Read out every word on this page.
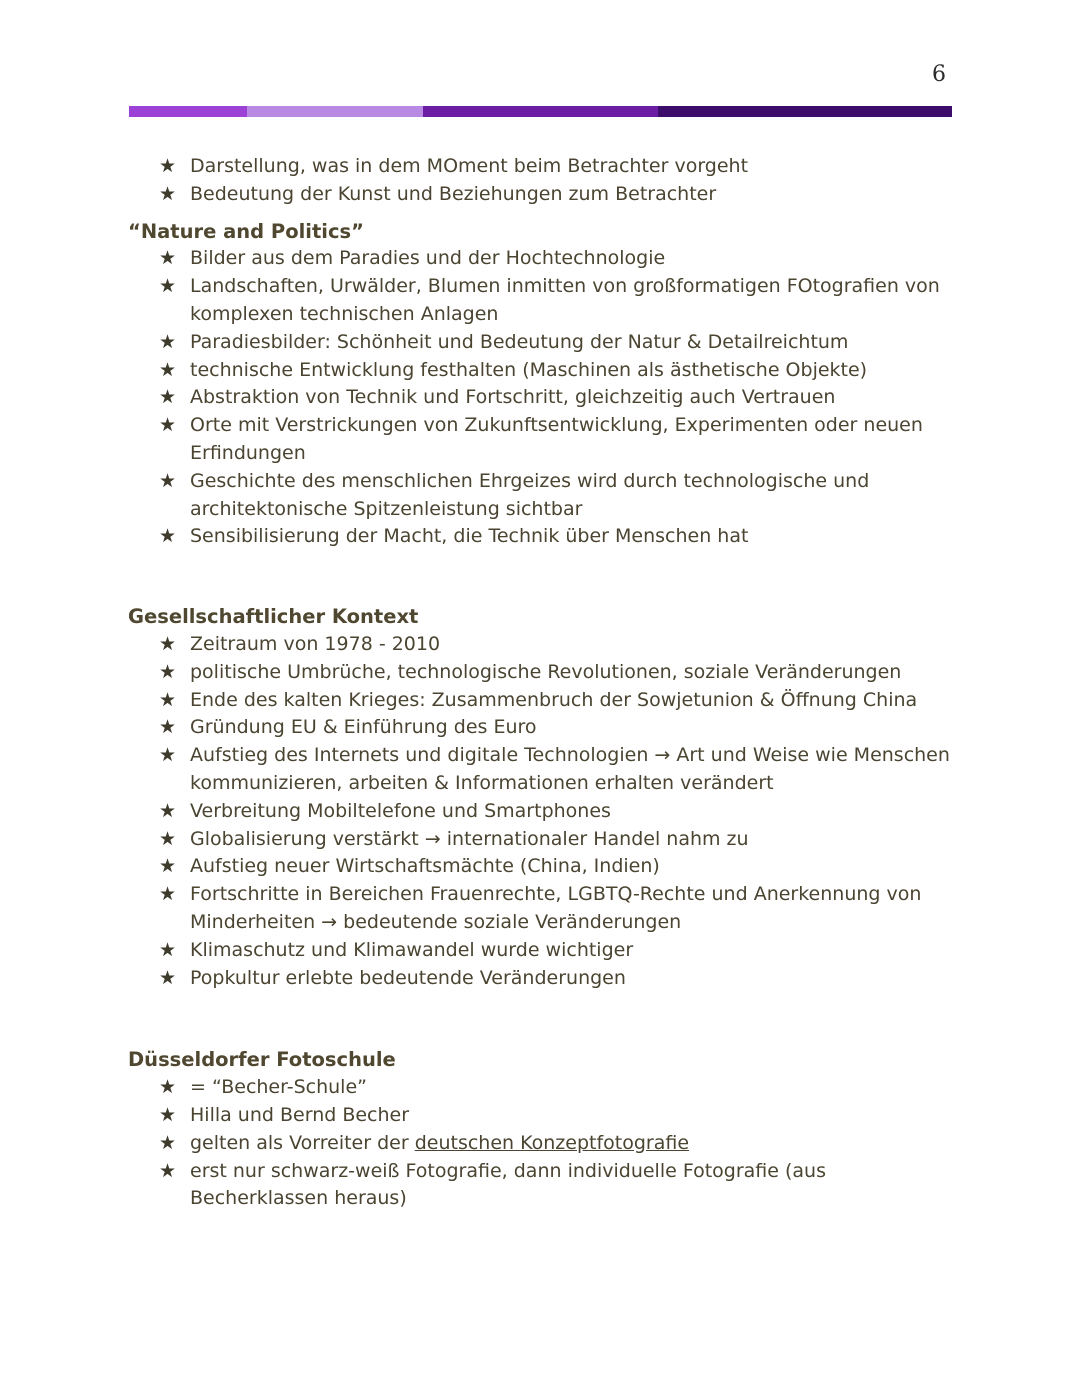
6
★ Darstellung, was in dem MOment beim Betrachter vorgeht
★ Bedeutung der Kunst und Beziehungen zum Betrachter

“Nature and Politics”

★ Bilder aus dem Paradies und der Hochtechnologie
★ Landschaften, Urwälder, Blumen inmitten von großformatigen FOtografien von komplexen technischen Anlagen
★ Paradiesbilder: Schönheit und Bedeutung der Natur & Detailreichtum
★ technische Entwicklung festhalten (Maschinen als ästhetische Objekte)
★ Abstraktion von Technik und Fortschritt, gleichzeitig auch Vertrauen
★ Orte mit Verstrickungen von Zukunftsentwicklung, Experimenten oder neuen Erfindungen
★ Geschichte des menschlichen Ehrgeizes wird durch technologische und architektonische Spitzenleistung sichtbar
★ Sensibilisierung der Macht, die Technik über Menschen hat

Gesellschaftlicher Kontext

★ Zeitraum von 1978 - 2010
★ politische Umbrüche, technologische Revolutionen, soziale Veränderungen
★ Ende des kalten Krieges: Zusammenbruch der Sowjetunion & Öffnung China
★ Gründung EU & Einführung des Euro
★ Aufstieg des Internets und digitale Technologien → Art und Weise wie Menschen kommunizieren, arbeiten & Informationen erhalten verändert
★ Verbreitung Mobiltelefone und Smartphones
★ Globalisierung verstärkt → internationaler Handel nahm zu
★ Aufstieg neuer Wirtschaftsmächte (China, Indien)
★ Fortschritte in Bereichen Frauenrechte, LGBTQ-Rechte und Anerkennung von Minderheiten → bedeutende soziale Veränderungen
★ Klimaschutz und Klimawandel wurde wichtiger
★ Popkultur erlebte bedeutende Veränderungen

Düsseldorfer Fotoschule

★ = “Becher-Schule”
★ Hilla und Bernd Becher
★ gelten als Vorreiter der deutschen Konzeptfotografie
★ erst nur schwarz-weiß Fotografie, dann individuelle Fotografie (aus Becherklassen heraus)
